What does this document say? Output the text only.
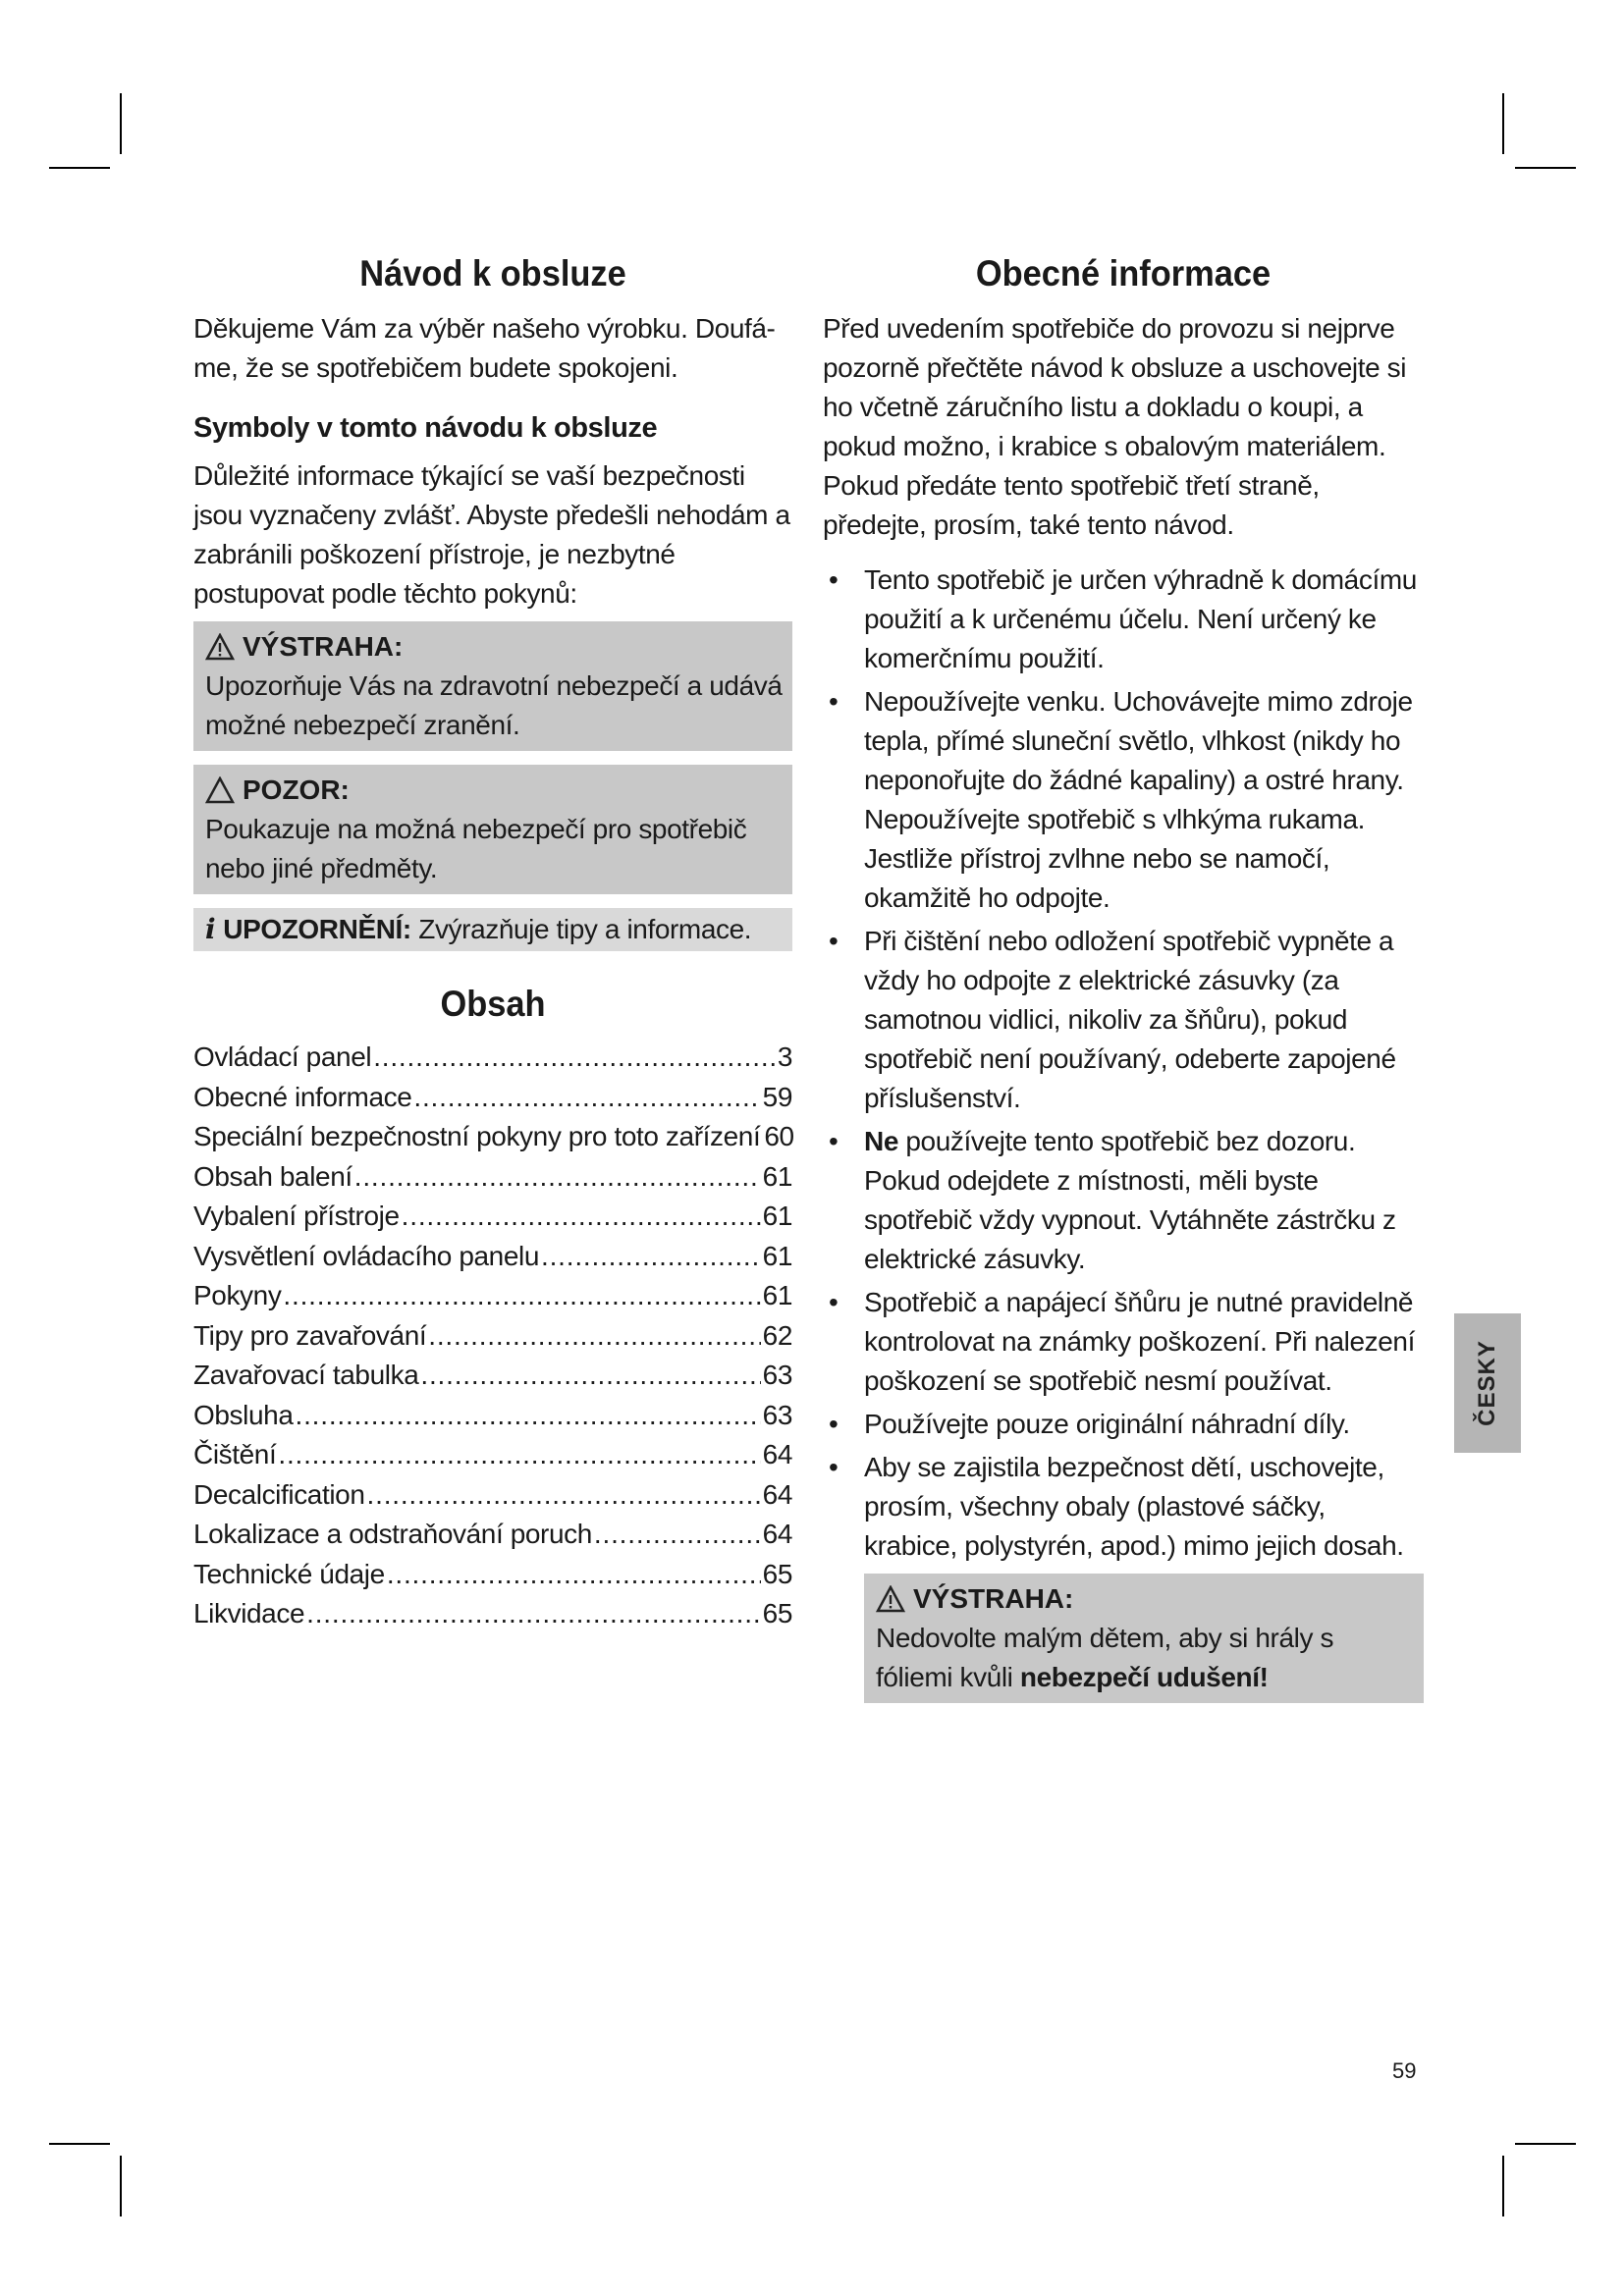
Návod k obsluze

Děkujeme Vám za výběr našeho výrobku. Doufá-me, že se spotřebičem budete spokojeni.

Symboly v tomto návodu k obsluze

Důležité informace týkající se vaší bezpečnosti jsou vyznačeny zvlášť. Abyste předešli nehodám a zabránili poškození přístroje, je nezbytné postupovat podle těchto pokynů:

VÝSTRAHA:
Upozorňuje Vás na zdravotní nebezpečí a udává možné nebezpečí zranění.
POZOR:
Poukazuje na možná nebezpečí pro spotřebič nebo jiné předměty.
i UPOZORNĚNÍ: Zvýrazňuje tipy a informace.
Obsah
Ovládací panel .....	3
Obecné informace .....	59
Speciální bezpečnostní pokyny pro toto zařízení 60
Obsah balení .....	61
Vybalení přístroje .....	61
Vysvětlení ovládacího panelu .....	61
Pokyny .....	61
Tipy pro zavařování .....	62
Zavařovací tabulka .....	63
Obsluha .....	63
Čištění .....	64
Decalcification .....	64
Lokalizace a odstraňování poruch .....	64
Technické údaje .....	65
Likvidace .....	65
Obecné informace

Před uvedením spotřebiče do provozu si nejprve pozorně přečtěte návod k obsluze a uschovejte si ho včetně záručního listu a dokladu o koupi, a pokud možno, i krabice s obalovým materiálem. Pokud předáte tento spotřebič třetí straně, předejte, prosím, také tento návod.

• Tento spotřebič je určen výhradně k domácímu použití a k určenému účelu. Není určený ke komerčnímu použití.
• Nepoužívejte venku. Uchovávejte mimo zdroje tepla, přímé sluneční světlo, vlhkost (nikdy ho neponořujte do žádné kapaliny) a ostré hrany. Nepoužívejte spotřebič s vlhkýma rukama. Jestliže přístroj zvlhne nebo se namočí, okamžitě ho odpojte.
• Při čištění nebo odložení spotřebič vypněte a vždy ho odpojte z elektrické zásuvky (za samotnou vidlici, nikoliv za šňůru), pokud spotřebič není používaný, odeberte zapojené příslušenství.
• Ne používejte tento spotřebič bez dozoru. Pokud odejdete z místnosti, měli byste spotřebič vždy vypnout. Vytáhněte zástrčku z elektrické zásuvky.
• Spotřebič a napájecí šňůru je nutné pravidelně kontrolovat na známky poškození. Při nalezení poškození se spotřebič nesmí používat.
• Používejte pouze originální náhradní díly.
• Aby se zajistila bezpečnost dětí, uschovejte, prosím, všechny obaly (plastové sáčky, krabice, polystyrén, apod.) mimo jejich dosah.
VÝSTRAHA:
Nedovolte malým dětem, aby si hrály s fóliemi kvůli nebezpečí udušení!
ČESKY
59
